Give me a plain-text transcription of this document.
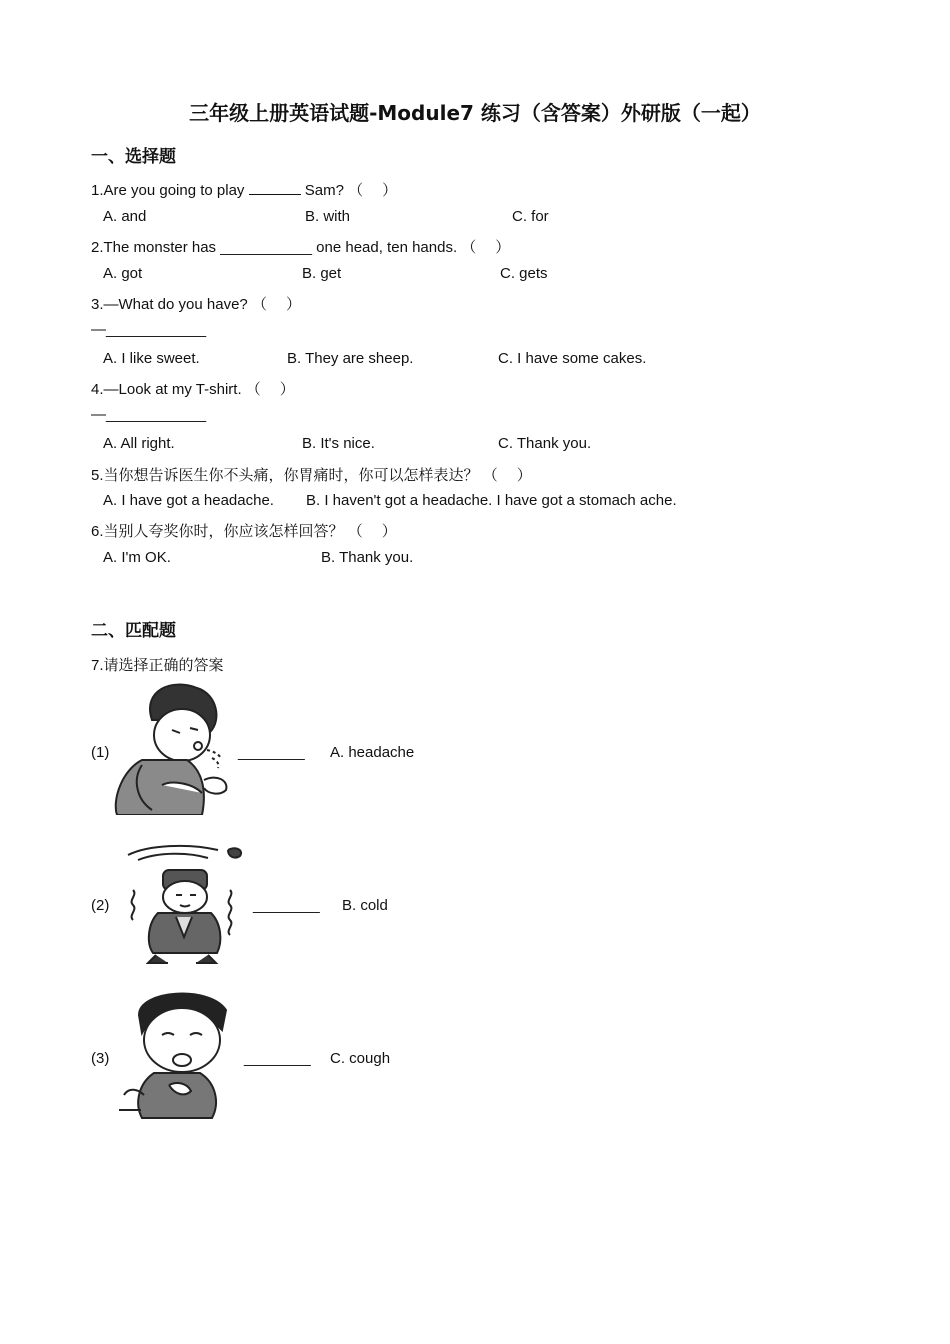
三年级上册英语试题-Module7 练习（含答案）外研版（一起）
一、选择题
1.Are you going to play	Sam? （　）
A. and	B. with	C. for
2.The monster has ___________ one head, ten hands. （　）
A. got	B. get	C. gets
3.—What do you have? （　）
—____________
A. I like sweet.	B. They are sheep.	C. I have some cakes.
4.—Look at my T-shirt. （　）
—____________
A. All right.	B. It's nice.	C. Thank you.
5.当你想告诉医生你不头痛，你胃痛时，你可以怎样表达？ （　）
A. I have got a headache. B. I haven't got a headache. I have got a stomach ache.
6.当别人夸奖你时，你应该怎样回答？ （　）
A. I'm OK.	B. Thank you.
二、匹配题
7.请选择正确的答案
(1)	________ A. headache
(2)	________ B. cold
(3)	________ C. cough
